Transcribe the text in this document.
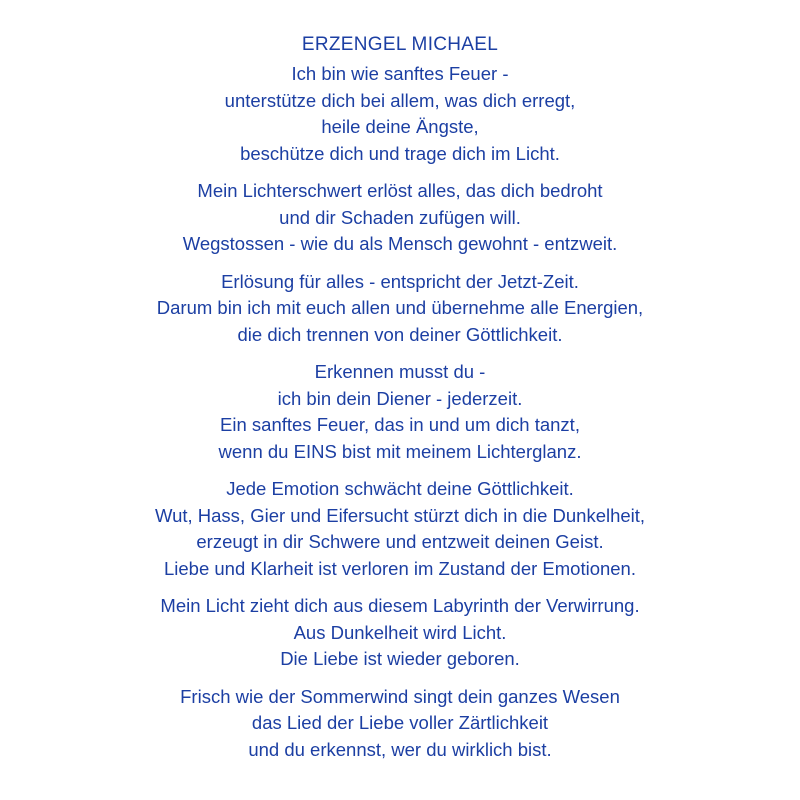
ERZENGEL MICHAEL
Ich bin wie sanftes Feuer -
unterstütze dich bei allem, was dich erregt,
heile deine Ängste,
beschütze dich und trage dich im Licht.
Mein Lichterschwert erlöst alles, das dich bedroht
und dir Schaden zufügen will.
Wegstossen - wie du als Mensch gewohnt - entzweit.
Erlösung für alles - entspricht der Jetzt-Zeit.
Darum bin ich mit euch allen und übernehme alle Energien,
die dich trennen von deiner Göttlichkeit.
Erkennen musst du -
ich bin dein Diener - jederzeit.
Ein sanftes Feuer, das in und um dich tanzt,
wenn du EINS bist mit meinem Lichterglanz.
Jede Emotion schwächt deine Göttlichkeit.
Wut, Hass, Gier und Eifersucht stürzt dich in die Dunkelheit,
erzeugt in dir Schwere und entzweit deinen Geist.
Liebe und Klarheit ist verloren im Zustand der Emotionen.
Mein Licht zieht dich aus diesem Labyrinth der Verwirrung.
Aus Dunkelheit wird Licht.
Die Liebe ist wieder geboren.
Frisch wie der Sommerwind singt dein ganzes Wesen
das Lied der Liebe voller Zärtlichkeit
und du erkennst, wer du wirklich bist.
